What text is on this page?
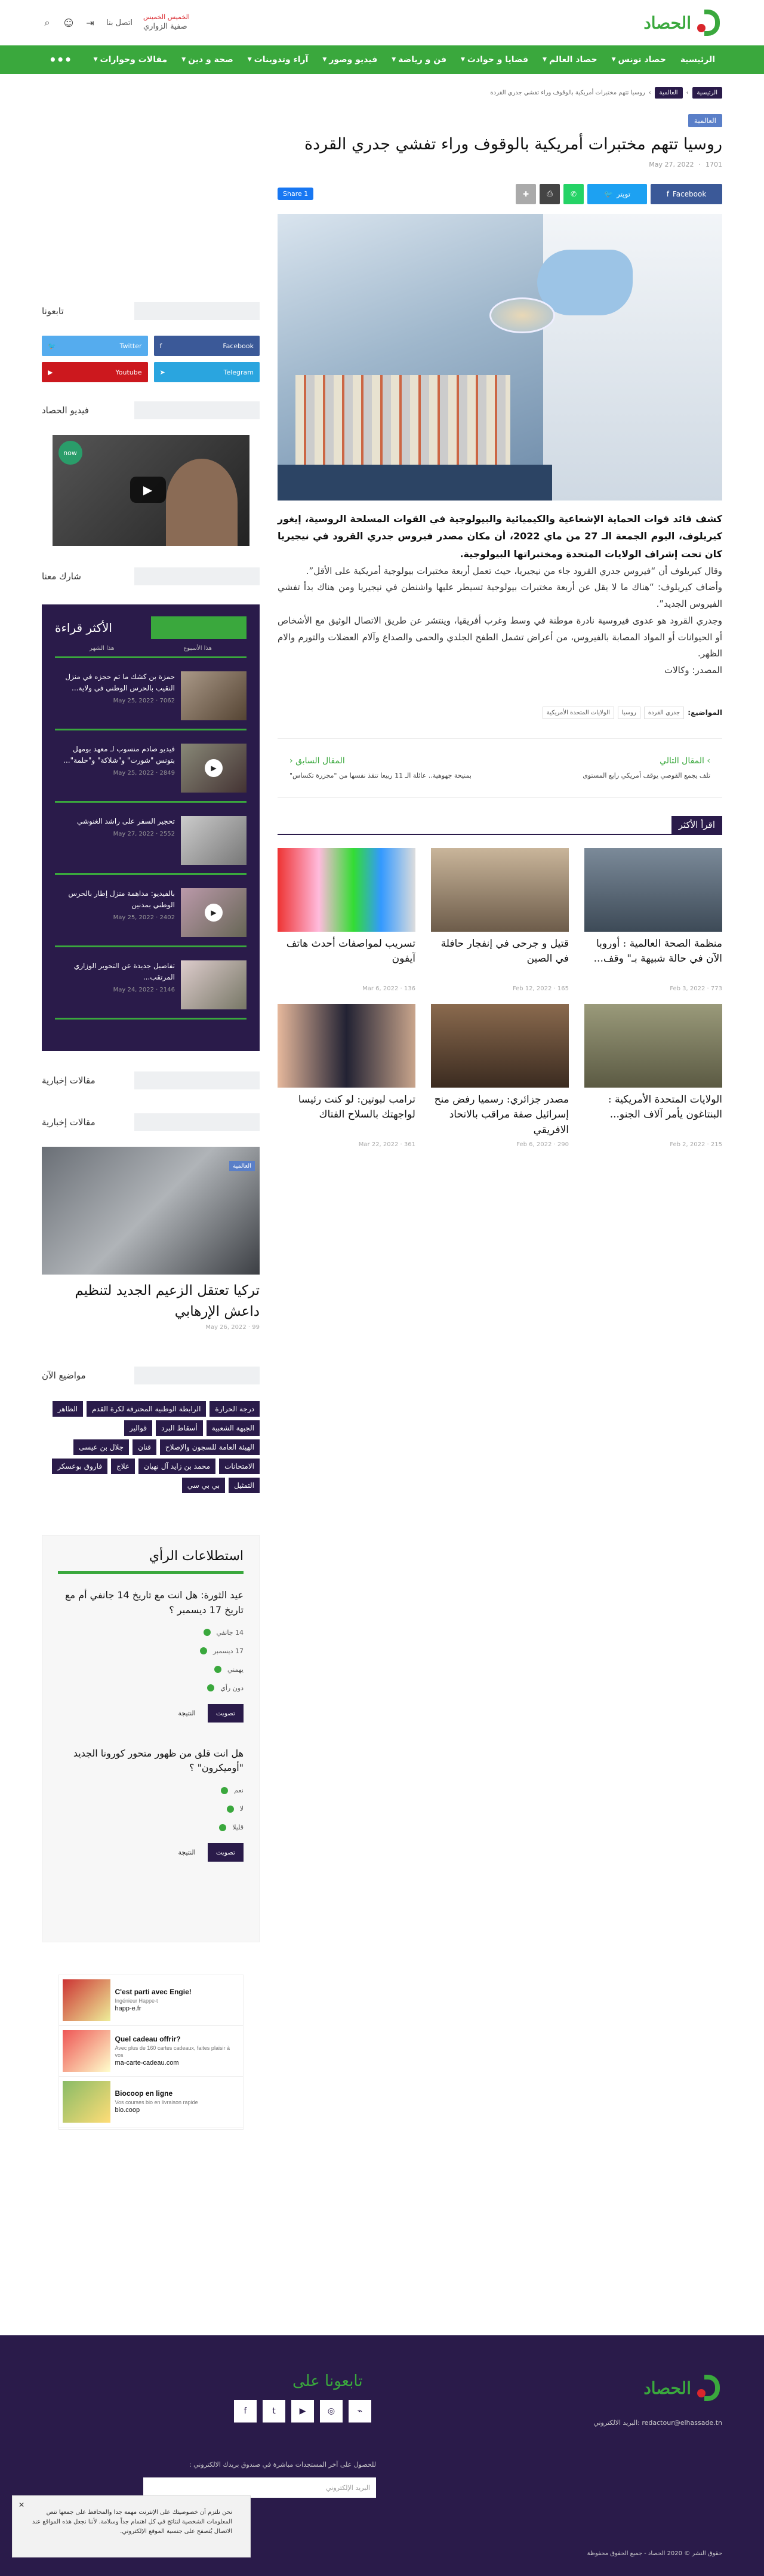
الحصاد
الخميس الخميس
صفية الزواري
اتصل بنا
⇥
☺
⌕
الرئيسية
حصاد تونس
▼
حصاد العالم
▼
قضايا و حوادث
▼
فن و رياضة
▼
فيديو وصور
▼
آراء وتدوينات
▼
صحة و دين
▼
مقالات وحوارات
▼
•••
الرئيسية
›
العالمية
›
روسيا تتهم مختبرات أمريكية بالوقوف وراء تفشي جدري القردة
العالمية
روسيا تتهم مختبرات أمريكية بالوقوف وراء تفشي جدري القردة
1701
·
May 27, 2022
Facebook
f
تويتر
🐦
✆
⎙
✚
Share 1

كشف قائد قوات الحماية الإشعاعية والكيميائية والبيولوجية في القوات المسلحة الروسية، إيغور كيريلوف، اليوم الجمعة الـ 27 من ماي 2022، أن مكان مصدر فيروس جدري القرود في نيجيريا كان تحت إشراف الولايات المتحدة ومختبراتها البيولوجية.

وقال كيريلوف أن “فيروس جدري القرود جاء من نيجيريا، حيث تعمل أربعة مختبرات بيولوجية أمريكية على الأقل”.

وأضاف كيريلوف: “هناك ما لا يقل عن أربعة مختبرات بيولوجية تسيطر عليها واشنطن في نيجيريا ومن هناك بدأ تفشي الفيروس الجديد”.

وجدري القرود هو عدوى فيروسية نادرة موطنة في وسط وغرب أفريقيا، وينتشر عن طريق الاتصال الوثيق مع الأشخاص أو الحيوانات أو المواد المصابة بالفيروس، من أعراض تشمل الطفح الجلدي والحمى والصداع وآلام العضلات والتورم والام الظهر.

المصدر: وكالات

المواضيع:
جدري القردة
روسيا
الولايات المتحدة الأمريكية
› المقال التالي
تلف يجمع القوصي يوقف أمريكي رابع المستوى
المقال السابق ‹
بمنيحة جهوهية.. عائلة الـ 11 ربيعا تنقذ نفسها من "مجزرة تكساس"
اقرأ الأكثر
منظمة الصحة العالمية : أوروبا الآن في حالة شبيهة بـ" وقف...
773 · Feb 3, 2022
قتيل و جرحى في إنفجار حافلة في الصين
165 · Feb 12, 2022
تسريب لمواصفات أحدث هاتف آيفون
136 · Mar 6, 2022
الولايات المتحدة الأمريكية : البنتاغون يأمر آلاف الجنو...
215 · Feb 2, 2022
مصدر جزائري: رسميا رفض منح إسرائيل صفة مراقب بالاتحاد الافريقي
290 · Feb 6, 2022
ترامب لبوتين: لو كنت رئيسا لواجهتك بالسلاح الفتاك
361 · Mar 22, 2022
تابعونا
Facebook
f
Twitter
🐦
Telegram
➤
Youtube
▶
فيديو الحصاد
now
▶
شارك معنا
الأكثر قراءة
هذا الأسبوع
هذا الشهر
حمزة بن كشك ما تم حجزه في منزل النقيب بالحرس الوطني في ولاية...
7062 · May 25, 2022
▶
فيديو صادم منسوب لـ معهد بومهل بتونس "شورت" و"شلاكة" و"حلمة"...
2849 · May 25, 2022
تحجير السفر على راشد الغنوشي
2552 · May 27, 2022
▶
بالفيديو: مداهمة منزل إطار بالحرس الوطني بمدنين
2402 · May 25, 2022
تفاصيل جديدة عن التحوير الوزاري المرتقب...
2146 · May 24, 2022
مقالات إخبارية
مقالات إخبارية
العالمية
تركيا تعتقل الزعيم الجديد لتنظيم داعش الإرهابي
99 · May 26, 2022
مواضيع الآن
درجة الحرارة
الرابطة الوطنية المحترفة لكرة القدم
الظاهر
الجبهة الشعبية
أسقاط البرد
قوالير
الهيئة العامة للسجون والإصلاح
قنان
جلال بن عيسى
الامتحانات
محمد بن زايد آل نهيان
علاج
فاروق بوعسكر
التمثيل
بي بي سي
استطلاعات الرأي
عيد الثورة: هل انت مع تاريخ 14 جانفي أم مع تاريخ 17 ديسمبر ؟
14 جانفي
17 ديسمبر
يهمني
دون رأي
تصويت
النتيجة
هل انت قلق من ظهور متحور كورونا الجديد "أوميكرون" ؟
نعم
لا
قليلا
تصويت
النتيجة
C'est parti avec Engie!
Ingénieur Happe-t
happ-e.fr
Quel cadeau offrir?
Avec plus de 160 cartes cadeaux, faites plaisir à vos
ma-carte-cadeau.com
Biocoop en ligne
Vos courses bio en livraison rapide
bio.coop
الحصاد
تابعونا على
f	t	▶	◎	⌁
redactour@elhassade.tn :البريد الالكتروني
للحصول على آخر المستجدات مباشرة في صندوق بريدك الالكتروني :
البريد الإلكتروني
حقوق النشر © 2020 الحصاد - جميع الحقوق محفوظة
✕
نحن نلتزم أن خصوصيتك على الإنترنت مهمة جدا والمحافظ على جمعها تنص المعلومات الشخصية لنتائج في كل اهتمام جداً وسلامة. لأننا نجعل هذه المواقع عند الاتصال يُتصفح على جنسية الموقع الإلكتروني.
